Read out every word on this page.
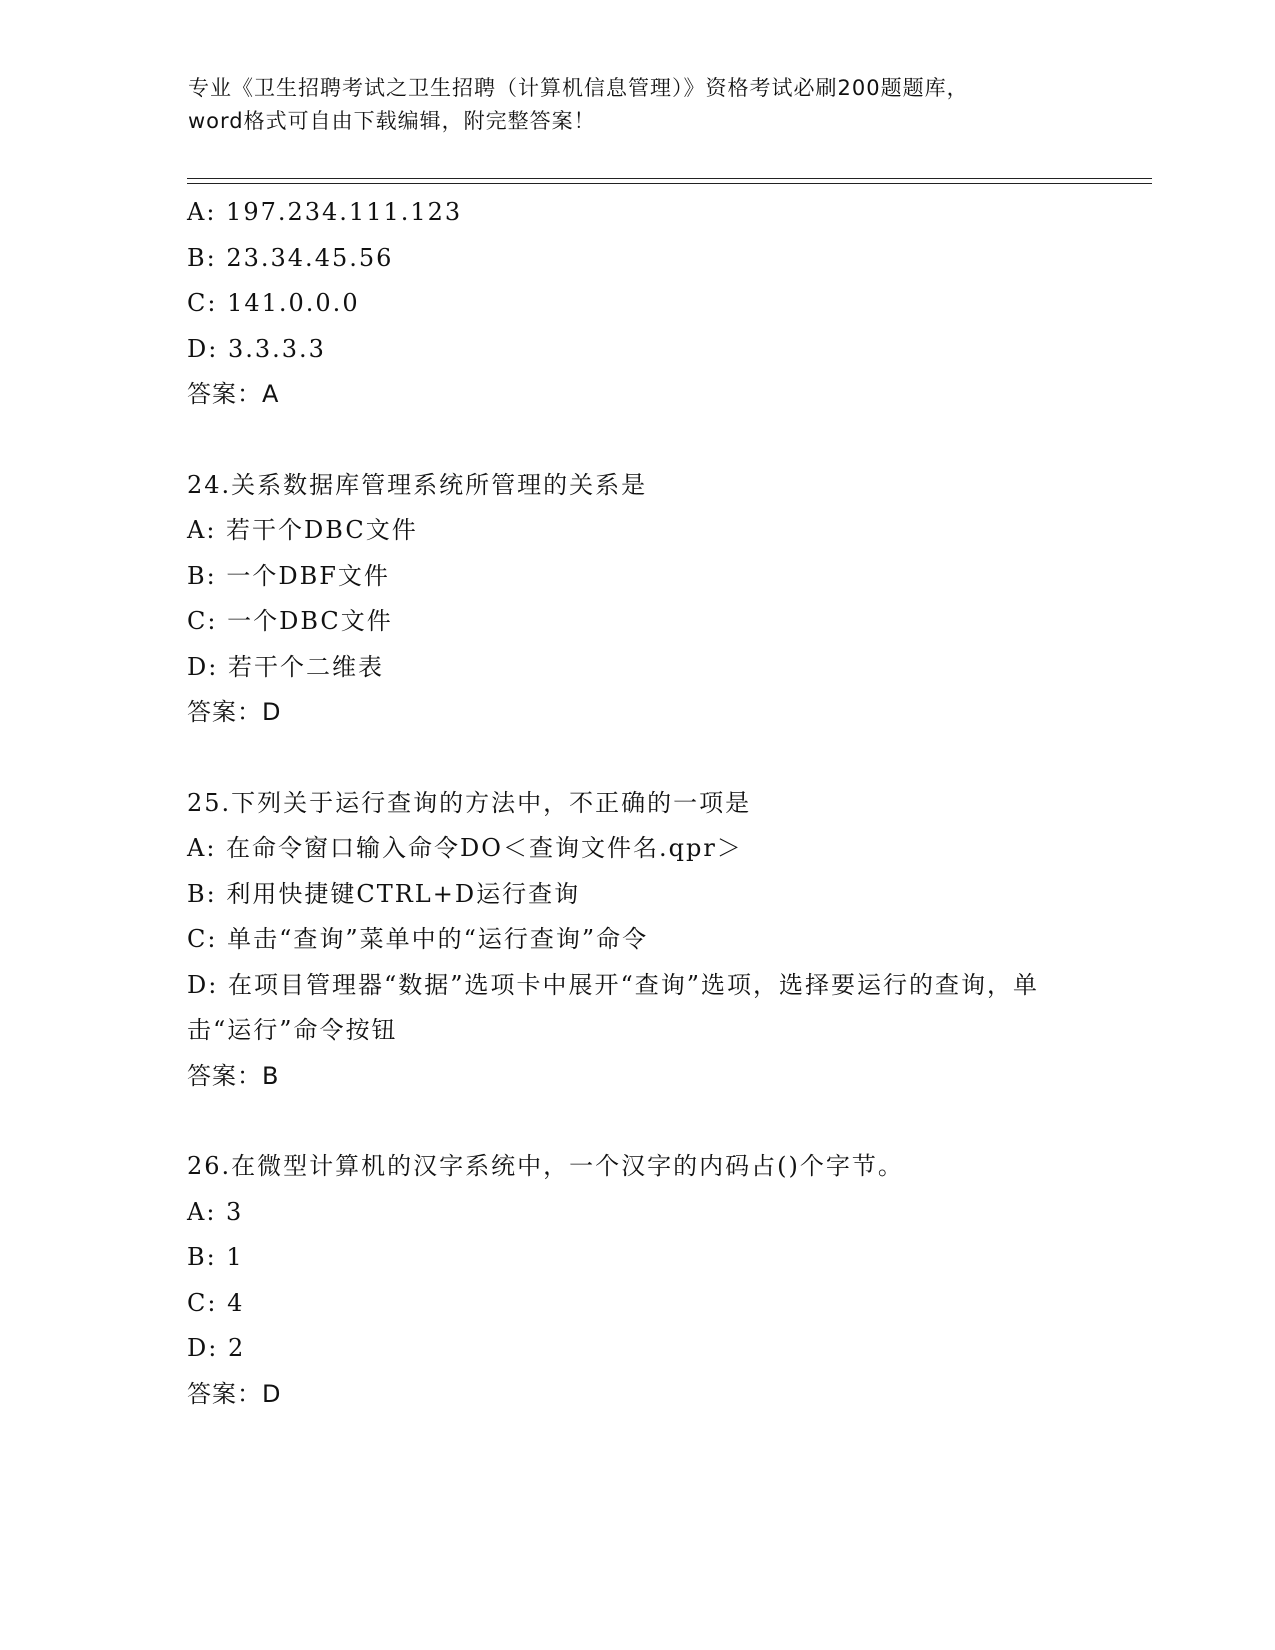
专业《卫生招聘考试之卫生招聘（计算机信息管理）》资格考试必刷200题题库，
word格式可自由下载编辑，附完整答案！
A: 197.234.111.123
B: 23.34.45.56
C: 141.0.0.0
D: 3.3.3.3
答案：A
24.关系数据库管理系统所管理的关系是
A: 若干个DBC文件
B: 一个DBF文件
C: 一个DBC文件
D: 若干个二维表
答案：D
25.下列关于运行查询的方法中，不正确的一项是
A: 在命令窗口输入命令DO＜查询文件名.qpr＞
B: 利用快捷键CTRL+D运行查询
C: 单击“查询”菜单中的“运行查询”命令
D: 在项目管理器“数据”选项卡中展开“查询”选项，选择要运行的查询，单击“运行”命令按钮
答案：B
26.在微型计算机的汉字系统中，一个汉字的内码占()个字节。
A: 3
B: 1
C: 4
D: 2
答案：D
